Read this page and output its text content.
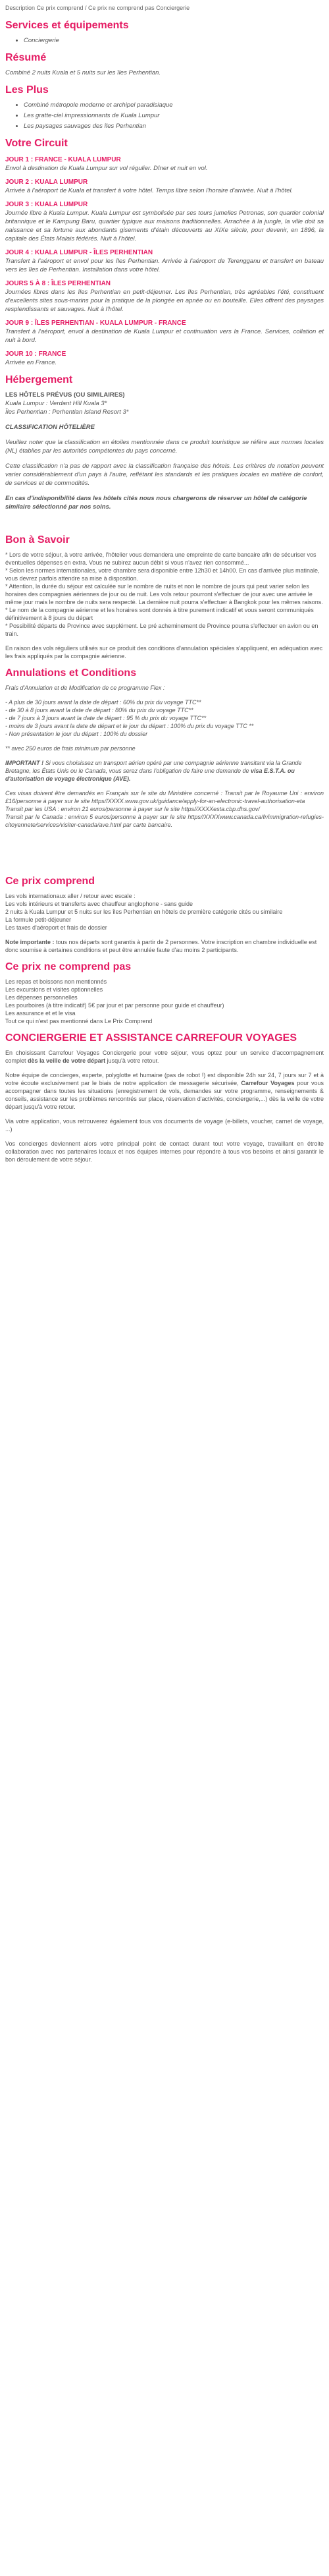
Description Ce prix comprend / Ce prix ne comprend pas Conciergerie
Services et équipements
• Conciergerie
Résumé

Combiné 2 nuits Kuala et 5 nuits sur les îles Perhentian.

Les Plus
• Combiné métropole moderne et archipel paradisiaque
• Les gratte-ciel impressionnants de Kuala Lumpur
• Les paysages sauvages des îles Perhentian
Votre Circuit
JOUR 1 : FRANCE - KUALA LUMPUR

Envol à destination de Kuala Lumpur sur vol régulier. Dîner et nuit en vol.

JOUR 2 : KUALA LUMPUR

Arrivée à l'aéroport de Kuala et transfert à votre hôtel. Temps libre selon l'horaire d'arrivée. Nuit à l'hôtel.

JOUR 3 : KUALA LUMPUR

Journée libre à Kuala Lumpur. Kuala Lumpur est symbolisée par ses tours jumelles Petronas, son quartier colonial britannique et le Kampung Baru, quartier typique aux maisons traditionnelles. Arrachée à la jungle, la ville doit sa naissance et sa fortune aux abondants gisements d'étain découverts au XIXe siècle, pour devenir, en 1896, la capitale des États Malais fédérés. Nuit à l'hôtel.

JOUR 4 : KUALA LUMPUR - ÎLES PERHENTIAN

Transfert à l'aéroport et envol pour les îles Perhentian. Arrivée à l'aéroport de Terengganu et transfert en bateau vers les îles de Perhentian. Installation dans votre hôtel.

JOURS 5 À 8 : ÎLES PERHENTIAN

Journées libres dans les îles Perhentian en petit-déjeuner. Les îles Perhentian, très agréables l'été, constituent d'excellents sites sous-marins pour la pratique de la plongée en apnée ou en bouteille. Elles offrent des paysages resplendissants et sauvages. Nuit à l'hôtel.

JOUR 9 : ÎLES PERHENTIAN - KUALA LUMPUR - FRANCE

Transfert à l'aéroport, envol à destination de Kuala Lumpur et continuation vers la France. Services, collation et nuit à bord.

JOUR 10 : FRANCE

Arrivée en France.

Hébergement
LES HÔTELS PRÉVUS (OU SIMILAIRES)
Kuala Lumpur : Verdant Hill Kuala 3*

Îles Perhentian : Perhentian Island Resort 3*

CLASSIFICATION HÔTELIÈRE

Veuillez noter que la classification en étoiles mentionnée dans ce produit touristique se réfère aux normes locales (NL) établies par les autorités compétentes du pays concerné.

Cette classification n'a pas de rapport avec la classification française des hôtels. Les critères de notation peuvent varier considérablement d'un pays à l'autre, reflétant les standards et les pratiques locales en matière de confort, de services et de commodités.

En cas d'indisponibilité dans les hôtels cités nous nous chargerons de réserver un hôtel de catégorie similaire sélectionné par nos soins.

Bon à Savoir
* Lors de votre séjour, à votre arrivée, l'hôtelier vous demandera une empreinte de carte bancaire afin de sécuriser vos éventuelles dépenses en extra. Vous ne subirez aucun débit si vous n'avez rien consommé...
* Selon les normes internationales, votre chambre sera disponible entre 12h30 et 14h00. En cas d'arrivée plus matinale, vous devrez parfois attendre sa mise à disposition.
* Attention, la durée du séjour est calculée sur le nombre de nuits et non le nombre de jours qui peut varier selon les horaires des compagnies aériennes de jour ou de nuit. Les vols retour pourront s'effectuer de jour avec une arrivée le même jour mais le nombre de nuits sera respecté. La dernière nuit pourra s'effectuer à Bangkok pour les mêmes raisons.
* Le nom de la compagnie aérienne et les horaires sont donnés à titre purement indicatif et vous seront communiqués définitivement à 8 jours du départ
* Possibilité départs de Province avec supplément. Le pré acheminement de Province pourra s'effectuer en avion ou en train.

En raison des vols réguliers utilisés sur ce produit des conditions d'annulation spéciales s'appliquent, en adéquation avec les frais appliqués par la compagnie aérienne.

Annulations et Conditions

Frais d'Annulation et de Modification de ce programme Flex :

- A plus de 30 jours avant la date de départ : 60% du prix du voyage TTC**
- de 30 à 8 jours avant la date de départ : 80% du prix du voyage TTC**
- de 7 jours à 3 jours avant la date de départ : 95 % du prix du voyage TTC**
- moins de 3 jours avant la date de départ et le jour du départ : 100% du prix du voyage TTC **

- Non présentation le jour du départ : 100% du dossier

** avec 250 euros de frais minimum par personne

IMPORTANT ! Si vous choisissez un transport aérien opéré par une compagnie aérienne transitant via la Grande Bretagne, les États Unis ou le Canada, vous serez dans l'obligation de faire une demande de visa E.S.T.A. ou d'autorisation de voyage électronique (AVE).

Ces visas doivent être demandés en Français sur le site du Ministère concerné : Transit par le Royaume Uni : environ £16/personne à payer sur le site https//XXXX.www.gov.uk/guidance/apply-for-an-electronic-travel-authorisation-eta
Transit par les USA : environ 21 euros/personne à payer sur le site https//XXXXesta.cbp.dhs.gov/

Transit par le Canada : environ 5 euros/personne à payer sur le site https//XXXXwww.canada.ca/fr/immigration-refugies-citoyennete/services/visiter-canada/ave.html par carte bancaire.

Ce prix comprend
Les vols internationaux aller / retour avec escale :
Les vols intérieurs et transferts avec chauffeur anglophone - sans guide
2 nuits à Kuala Lumpur et 5 nuits sur les îles Perhentian en hôtels de première catégorie cités ou similaire
La formule petit-déjeuner

Les taxes d'aéroport et frais de dossier

Note importante : tous nos départs sont garantis à partir de 2 personnes. Votre inscription en chambre individuelle est donc soumise à certaines conditions et peut être annulée faute d'au moins 2 participants.

Ce prix ne comprend pas
Les repas et boissons non mentionnés
Les excursions et visites optionnelles
Les dépenses personnelles
Les pourboires (à titre indicatif) 5€ par jour et par personne pour guide et chauffeur)
Les assurance et et le visa

Tout ce qui n'est pas mentionné dans Le Prix Comprend

CONCIERGERIE ET ASSISTANCE CARREFOUR VOYAGES

En choisissant Carrefour Voyages Conciergerie pour votre séjour, vous optez pour un service d'accompagnement complet dès la veille de votre départ jusqu'à votre retour.

Notre équipe de concierges, experte, polyglotte et humaine (pas de robot !) est disponible 24h sur 24, 7 jours sur 7 et à votre écoute exclusivement par le biais de notre application de messagerie sécurisée, Carrefour Voyages pour vous accompagner dans toutes les situations (enregistrement de vols, demandes sur votre programme, renseignements & conseils, assistance sur les problèmes rencontrés sur place, réservation d'activités, conciergerie,...) dès la veille de votre départ jusqu'à votre retour.

Via votre application, vous retrouverez également tous vos documents de voyage (e-billets, voucher, carnet de voyage, ...)

Vos concierges deviennent alors votre principal point de contact durant tout votre voyage, travaillant en étroite collaboration avec nos partenaires locaux et nos équipes internes pour répondre à tous vos besoins et ainsi garantir le bon déroulement de votre séjour.
